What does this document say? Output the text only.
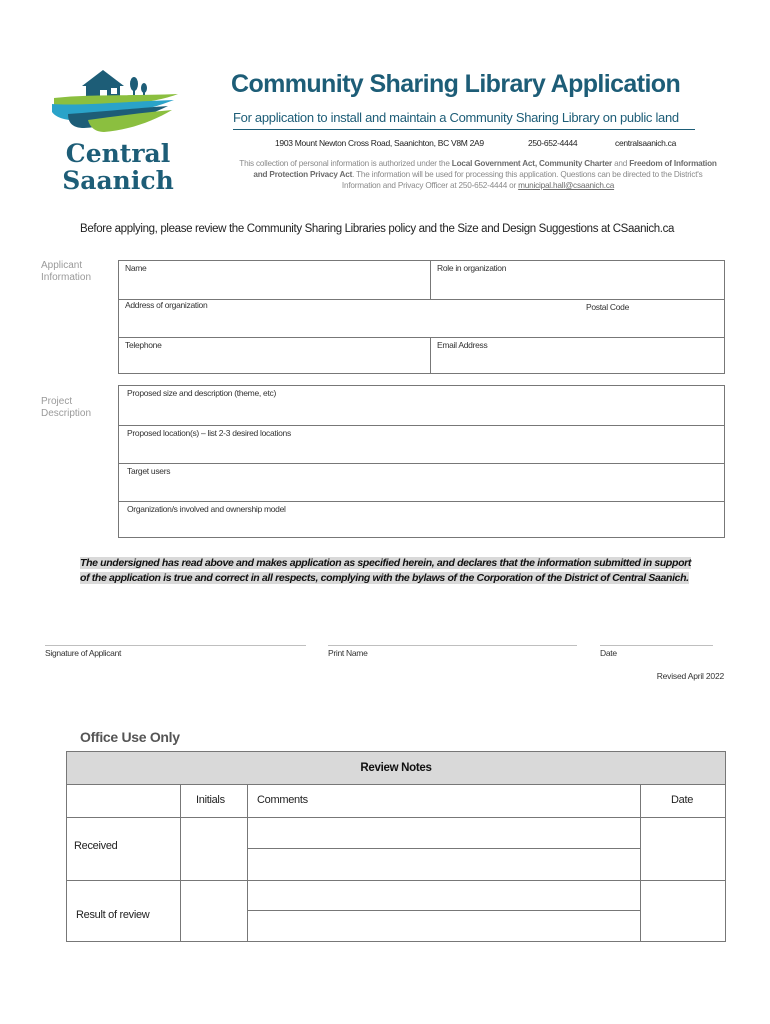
Central
Saanich
Community Sharing Library Application
For application to install and maintain a Community Sharing Library on public land
1903 Mount Newton Cross Road, Saanichton, BC V8M 2A9	250-652-4444	centralsaanich.ca
This collection of personal information is authorized under the Local Government Act, Community Charter and Freedom of Information and Protection Privacy Act. The information will be used for processing this application. Questions can be directed to the District's Information and Privacy Officer at 250-652-4444 or municipal.hall@csaanich.ca
Before applying, please review the Community Sharing Libraries policy and the Size and Design Suggestions at CSaanich.ca
Applicant
Information
Name	Role in organization
Address of organization	Postal Code
Telephone	Email Address
Project
Description
Proposed size and description (theme, etc)
Proposed location(s) – list 2-3 desired locations
Target users
Organization/s involved and ownership model
The undersigned has read above and makes application as specified herein, and declares that the information submitted in support
of the application is true and correct in all respects, complying with the bylaws of the Corporation of the District of Central Saanich.
Signature of Applicant	Print Name	Date
Revised April 2022
Office Use Only
Review Notes
Initials	Comments	Date
Received
Result of review
